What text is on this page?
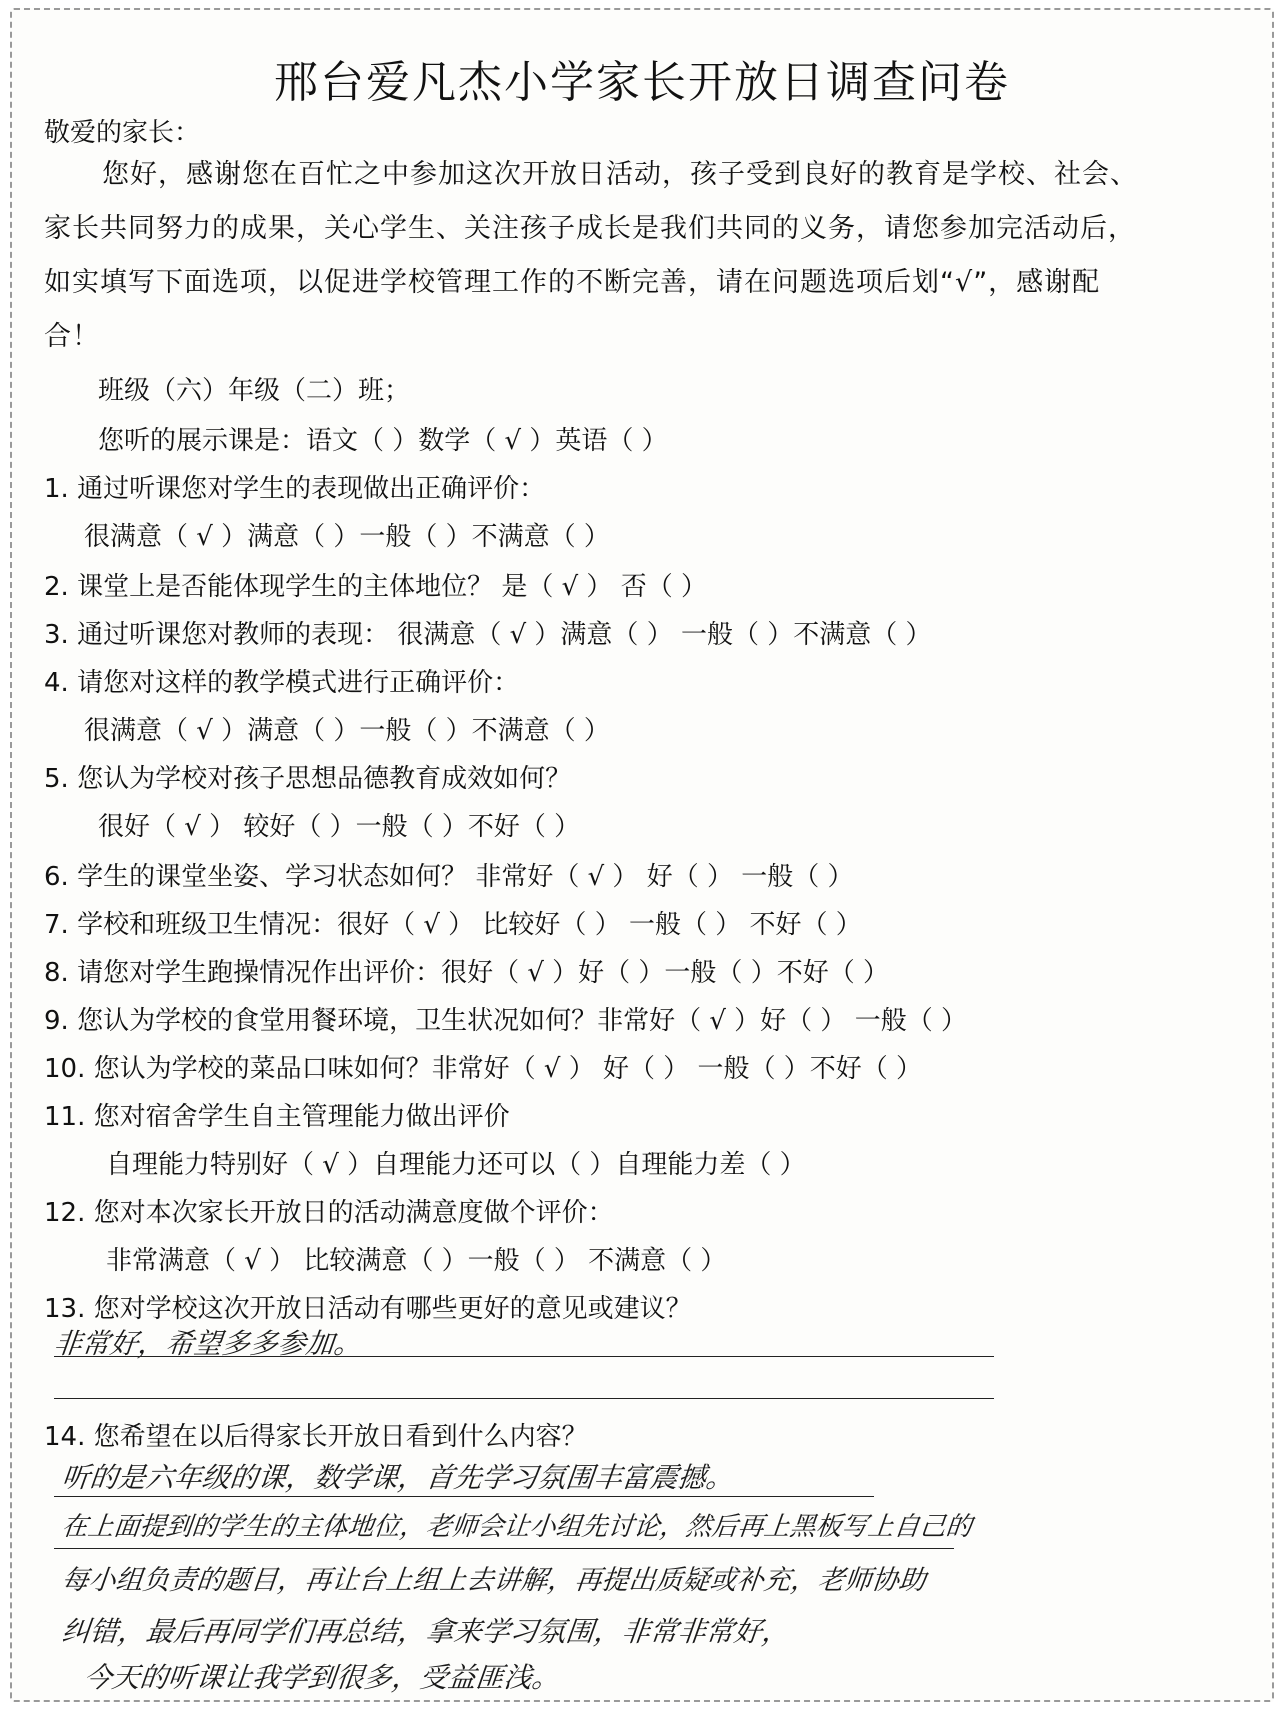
邢台爱凡杰小学家长开放日调查问卷
敬爱的家长：
您好，感谢您在百忙之中参加这次开放日活动，孩子受到良好的教育是学校、社会、
家长共同努力的成果，关心学生、关注孩子成长是我们共同的义务，请您参加完活动后，
如实填写下面选项，以促进学校管理工作的不断完善，请在问题选项后划“√”，感谢配
合！
班级（六）年级（二）班；
您听的展示课是：语文（ ）数学（ √ ）英语（ ）
1. 通过听课您对学生的表现做出正确评价：
很满意（ √ ）满意（ ）一般（ ）不满意（ ）
2. 课堂上是否能体现学生的主体地位？ 是（ √ ） 否（ ）
3. 通过听课您对教师的表现： 很满意（ √ ）满意（ ） 一般（ ）不满意（ ）
4. 请您对这样的教学模式进行正确评价：
很满意（ √ ）满意（ ）一般（ ）不满意（ ）
5. 您认为学校对孩子思想品德教育成效如何？
很好（ √ ） 较好（ ）一般（ ）不好（ ）
6. 学生的课堂坐姿、学习状态如何？ 非常好（ √ ） 好（ ） 一般（ ）
7. 学校和班级卫生情况：很好（ √ ） 比较好（ ） 一般（ ） 不好（ ）
8. 请您对学生跑操情况作出评价：很好（ √ ）好（ ）一般（ ）不好（ ）
9. 您认为学校的食堂用餐环境，卫生状况如何？非常好（ √ ）好（ ） 一般（ ）
10. 您认为学校的菜品口味如何？非常好（ √ ） 好（ ） 一般（ ）不好（ ）
11. 您对宿舍学生自主管理能力做出评价
自理能力特别好（ √ ）自理能力还可以（ ）自理能力差（ ）
12. 您对本次家长开放日的活动满意度做个评价：
非常满意（ √ ） 比较满意（ ）一般（ ） 不满意（ ）
13. 您对学校这次开放日活动有哪些更好的意见或建议？
非常好，希望多多参加。
14. 您希望在以后得家长开放日看到什么内容？
听的是六年级的课，数学课，首先学习氛围丰富震撼。
在上面提到的学生的主体地位，老师会让小组先讨论，然后再上黑板写上自己的
每小组负责的题目，再让台上组上去讲解，再提出质疑或补充，老师协助
纠错，最后再同学们再总结，拿来学习氛围，非常非常好，
今天的听课让我学到很多，受益匪浅。
